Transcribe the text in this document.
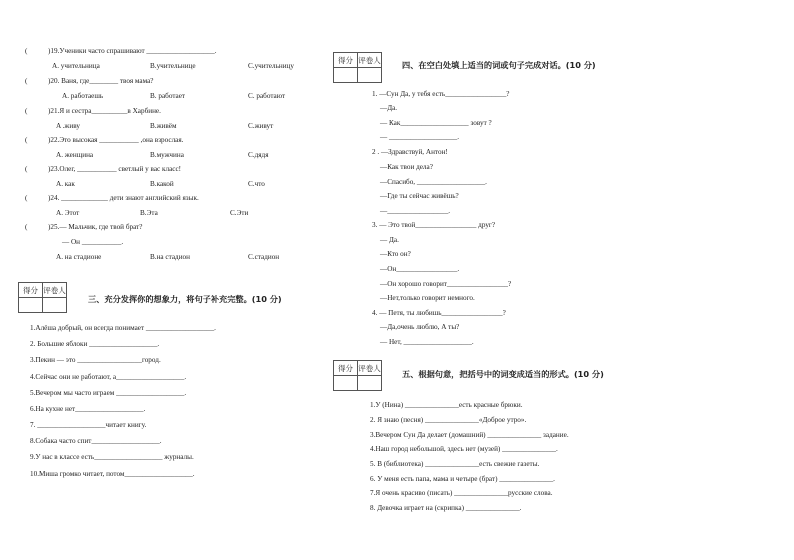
(	)19.Ученики часто спрашивают ___________________.
A. учительница	B.учительнице	C.учительницу
(	)20. Ваня, где________ твоя мама?
A. работаешь	B. работает	C. работают
(	)21.Я и сестра__________в Харбине.
A .живу	B.живём	C.живут
(	)22.Это высокая ___________ ,она взрослая.
A. женщина	B.мужчина	C.дядя
(	)23.Олег, ___________ светлый у вас класс!
A. как	B.какой	C.что
(	)24. _____________ дети знают английский язык.
A. Этот	B.Эта	C.Эти
(	)25.— Мальчик, где твой брат?
— Он ___________.
A. на стадионе	B.на стадион	C.стадион
得分	评卷人

三、充分发挥你的想象力，将句子补充完整。(10 分)
1.Алёша добрый, он всегда понимает ___________________.
2. Большие яблоки ___________________.
3.Пекин — это __________________город.
4.Сейчас они не работают, а___________________.
5.Вечером мы часто играем ___________________.
6.На кухне нет___________________.
7. ___________________читает книгу.
8.Собака часто спит___________________.
9.У нас в классе есть___________________ журналы.
10.Миша громко читает, потом___________________.
得分	评卷人
		四、在空白处填上适当的词或句子完成对话。(10 分)
1. —Сун Да, у тебя есть_________________?
—Да.
— Как___________________ зовут ?
— ___________________.
2 . —Здравствуй, Антон!
—Как твои дела?
—Спасибо, ___________________.
—Где ты сейчас живёшь?
—_________________.
3. — Это твой_________________ друг?
— Да.
—Кто он?
—Он_________________.
—Он хорошо говорит_________________?
—Нет,только говорит немного.
4. — Петя, ты любишь_________________?
—Да,очень люблю, А ты?
— Нет, ___________________.
得分	评卷人

五、根据句意，把括号中的词变成适当的形式。(10 分)
1.У (Нина) _______________есть красные брюки.
2. Я знаю (песня) _______________«Доброе утро».
3.Вечером Сун Да делает (домашний) _______________ задание.
4.Наш город небольшой, здесь нет (музей) _______________.
5. В (библиотека) _______________есть свежие газеты.
6. У меня есть папа, мама и четыре (брат) _______________.
7.Я очень красиво (писать) _______________русские слова.
8. Девочка играет на (скрипка) _______________.
